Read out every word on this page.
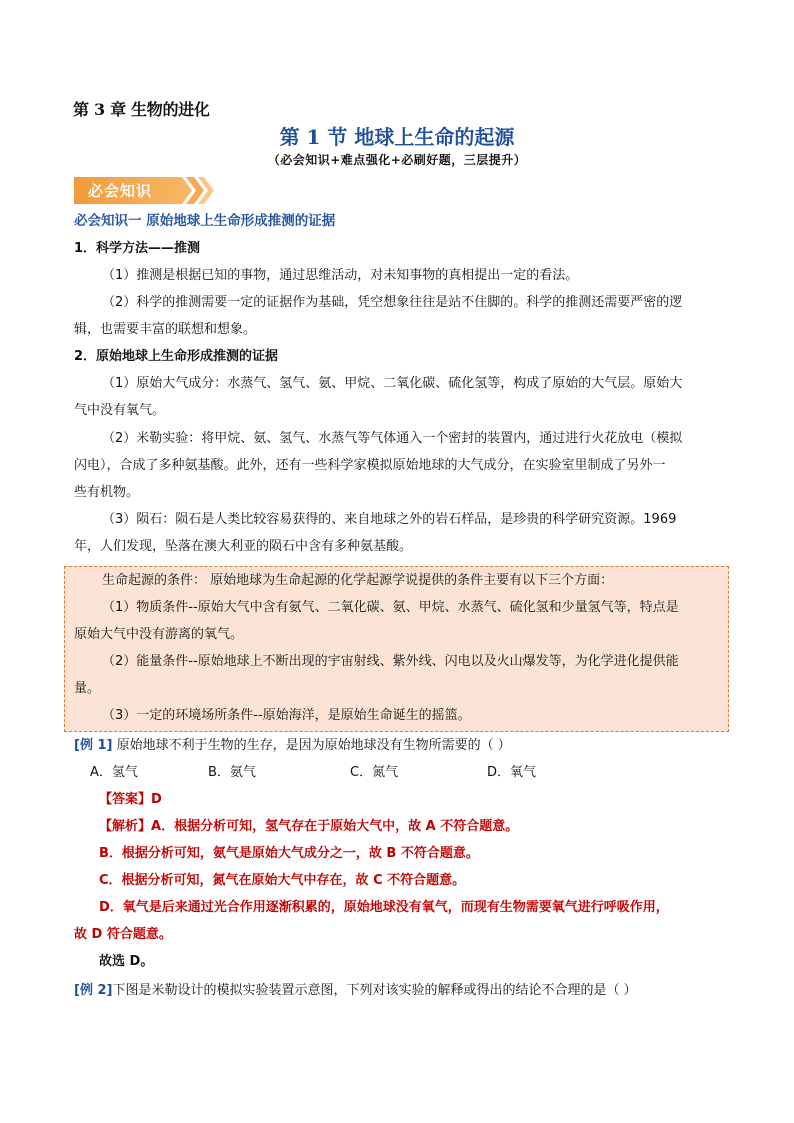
第 3 章 生物的进化
第 1 节 地球上生命的起源
（必会知识+难点强化+必刷好题，三层提升）
必会知识
必会知识一 原始地球上生命形成推测的证据
1．科学方法——推测
（1）推测是根据已知的事物，通过思维活动，对未知事物的真相提出一定的看法。
（2）科学的推测需要一定的证据作为基础，凭空想象往往是站不住脚的。科学的推测还需要严密的逻
辑，也需要丰富的联想和想象。
2．原始地球上生命形成推测的证据
（1）原始大气成分：水蒸气、氢气、氨、甲烷、二氧化碳、硫化氢等，构成了原始的大气层。原始大
气中没有氧气。
（2）米勒实验：将甲烷、氨、氢气、水蒸气等气体通入一个密封的装置内，通过进行火花放电（模拟
闪电），合成了多种氨基酸。此外，还有一些科学家模拟原始地球的大气成分，在实验室里制成了另外一
些有机物。
（3）陨石：陨石是人类比较容易获得的、来自地球之外的岩石样品，是珍贵的科学研究资源。1969
年，人们发现，坠落在澳大利亚的陨石中含有多种氨基酸。
生命起源的条件： 原始地球为生命起源的化学起源学说提供的条件主要有以下三个方面：
（1）物质条件--原始大气中含有氨气、二氧化碳、氨、甲烷、水蒸气、硫化氢和少量氢气等，特点是
原始大气中没有游离的氧气。
（2）能量条件--原始地球上不断出现的宇宙射线、紫外线、闪电以及火山爆发等，为化学进化提供能
量。
（3）一定的环境场所条件--原始海洋，是原始生命诞生的摇篮。
[例 1] 原始地球不利于生物的生存，是因为原始地球没有生物所需要的（ ）
A．氢气	B．氨气	C．氮气	D．氧气
【答案】D
【解析】A．根据分析可知，氢气存在于原始大气中，故 A 不符合题意。
B．根据分析可知，氨气是原始大气成分之一，故 B 不符合题意。
C．根据分析可知，氮气在原始大气中存在，故 C 不符合题意。
D．氧气是后来通过光合作用逐渐积累的，原始地球没有氧气，而现有生物需要氧气进行呼吸作用，
故 D 符合题意。
故选 D。
[例 2]下图是米勒设计的模拟实验装置示意图，下列对该实验的解释或得出的结论不合理的是（ ）
